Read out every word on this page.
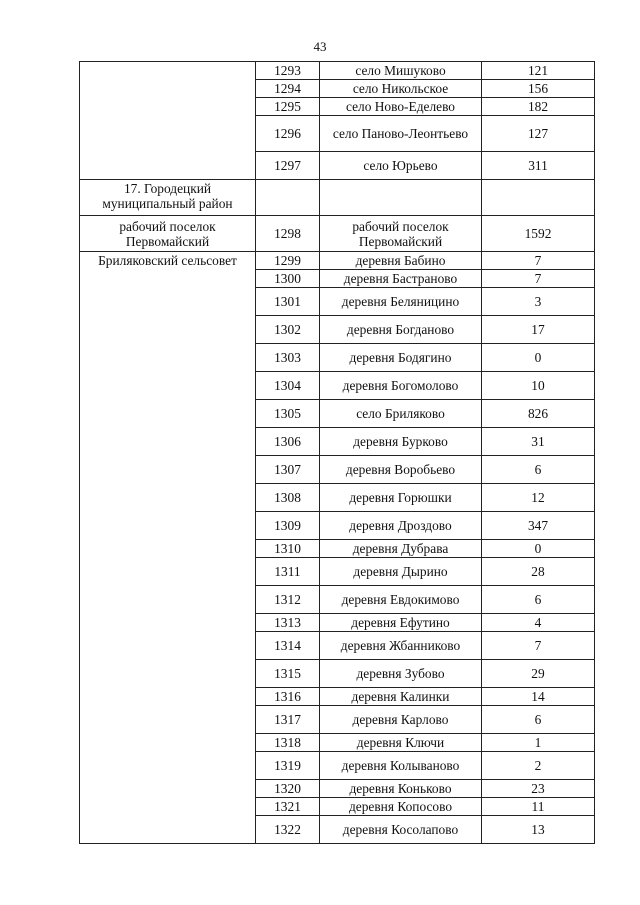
43
	1293	село Мишуково	121
	1294	село Никольское	156
	1295	село Ново-Еделево	182
	1296	село Паново-Леонтьево	127
	1297	село Юрьево	311
17. Городецкий муниципальный район			
рабочий поселок Первомайский	1298	рабочий поселок Первомайский	1592
Бриляковский сельсовет	1299	деревня Бабино	7
	1300	деревня Бастраново	7
	1301	деревня Беляницино	3
	1302	деревня Богданово	17
	1303	деревня Бодягино	0
	1304	деревня Богомолово	10
	1305	село Бриляково	826
	1306	деревня Бурково	31
	1307	деревня Воробьево	6
	1308	деревня Горюшки	12
	1309	деревня Дроздово	347
	1310	деревня Дубрава	0
	1311	деревня Дырино	28
	1312	деревня Евдокимово	6
	1313	деревня Ефутино	4
	1314	деревня Жбанниково	7
	1315	деревня Зубово	29
	1316	деревня Калинки	14
	1317	деревня Карлово	6
	1318	деревня Ключи	1
	1319	деревня Колываново	2
	1320	деревня Коньково	23
	1321	деревня Копосово	11
	1322	деревня Косолапово	13
